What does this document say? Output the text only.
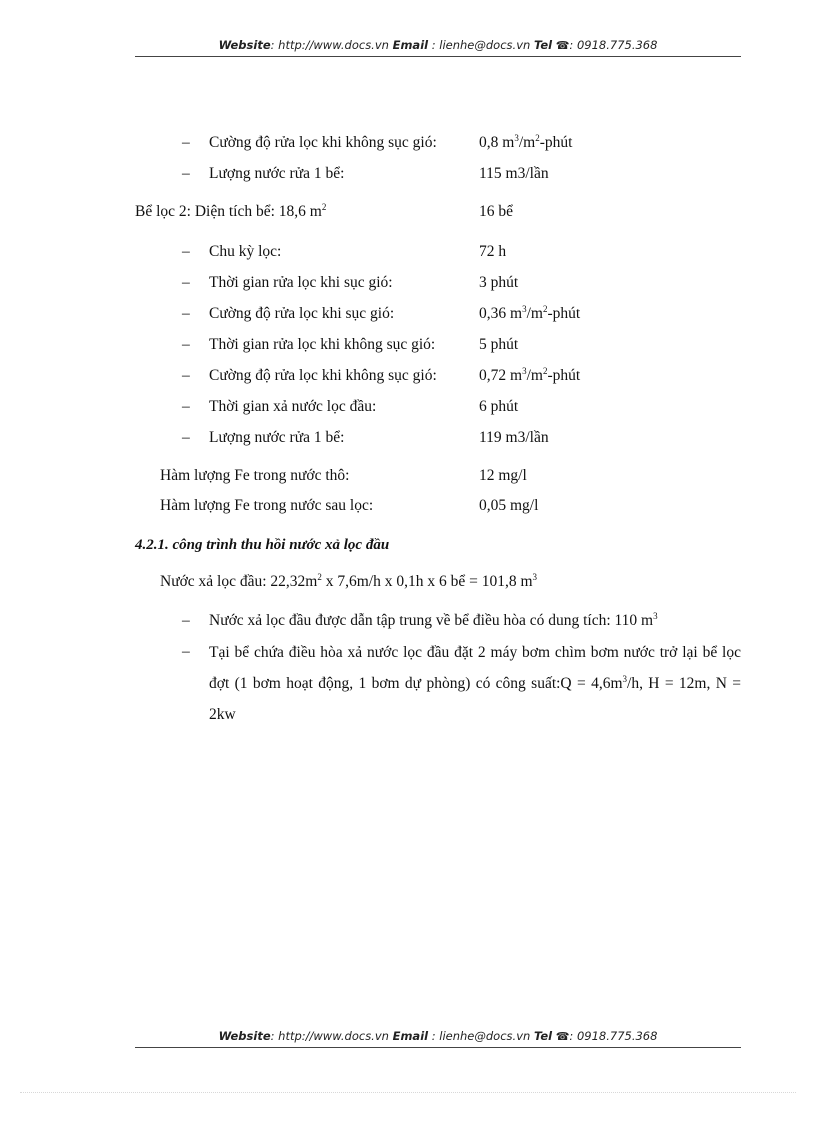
Website: http://www.docs.vn Email : lienhe@docs.vn Tel ☎: 0918.775.368
– Cường độ rửa lọc khi không sục gió:	0,8 $m^3/m^2$-phút
– Lượng nước rửa 1 bể:	115 m3/lần
Bể lọc 2: Diện tích bể: 18,6 $m^2$	16 bể
– Chu kỳ lọc:	72 h
– Thời gian rửa lọc khi sục gió:	3 phút
– Cường độ rửa lọc khi sục gió:	0,36 $m^3/m^2$-phút
– Thời gian rửa lọc khi không sục gió:	5 phút
– Cường độ rửa lọc khi không sục gió:	0,72 $m^3/m^2$-phút
– Thời gian xả nước lọc đầu:	6 phút
– Lượng nước rửa 1 bể:	119 m3/lần
Hàm lượng Fe trong nước thô:	12 mg/l
Hàm lượng Fe trong nước sau lọc:	0,05 mg/l
4.2.1. công trình thu hồi nước xả lọc đầu
Nước xả lọc đầu: $22,32m^2$ x 7,6m/h x 0,1h x 6 bể = 101,8 $m^3$
– Nước xả lọc đầu được dẫn tập trung về bể điều hòa có dung tích: 110 $m^3$
– Tại bể chứa điều hòa xả nước lọc đầu đặt 2 máy bơm chìm bơm nước trở lại bể lọc đợt (1 bơm hoạt động, 1 bơm dự phòng) có công suất:Q = $4,6m^3/h$, H = 12m, N = 2kw
Website: http://www.docs.vn Email : lienhe@docs.vn Tel ☎: 0918.775.368
